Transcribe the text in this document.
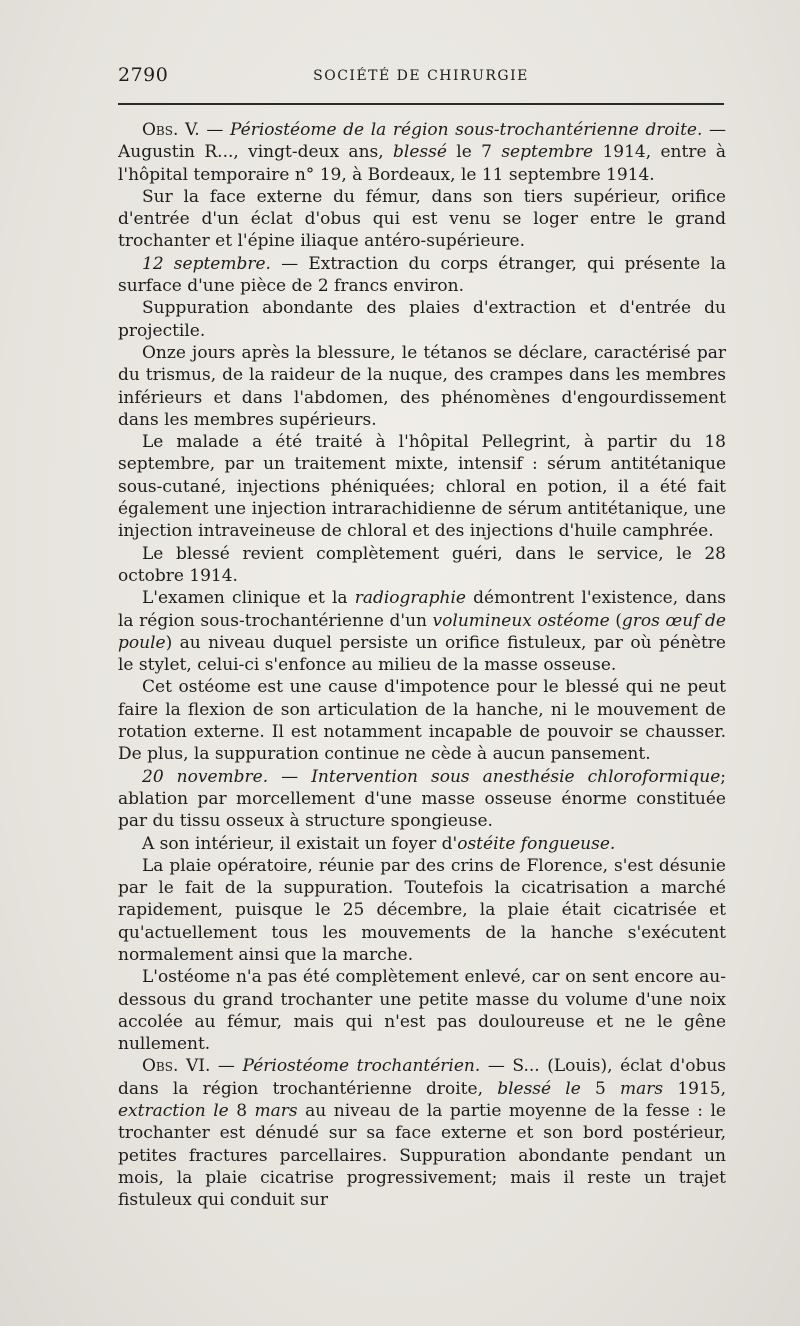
2790	SOCIÉTÉ DE CHIRURGIE

Obs. V. — Périostéome de la région sous-trochantérienne droite. — Augustin R..., vingt-deux ans, blessé le 7 septembre 1914, entre à l'hôpital temporaire n° 19, à Bordeaux, le 11 septembre 1914.

Sur la face externe du fémur, dans son tiers supérieur, orifice d'entrée d'un éclat d'obus qui est venu se loger entre le grand trochanter et l'épine iliaque antéro-supérieure.

12 septembre. — Extraction du corps étranger, qui présente la surface d'une pièce de 2 francs environ.

Suppuration abondante des plaies d'extraction et d'entrée du projectile.

Onze jours après la blessure, le tétanos se déclare, caractérisé par du trismus, de la raideur de la nuque, des crampes dans les membres inférieurs et dans l'abdomen, des phénomènes d'engourdissement dans les membres supérieurs.

Le malade a été traité à l'hôpital Pellegrint, à partir du 18 septembre, par un traitement mixte, intensif : sérum antitétanique sous-cutané, injections phéniquées; chloral en potion, il a été fait également une injection intrarachidienne de sérum antitétanique, une injection intraveineuse de chloral et des injections d'huile camphrée.

Le blessé revient complètement guéri, dans le service, le 28 octobre 1914.

L'examen clinique et la radiographie démontrent l'existence, dans la région sous-trochantérienne d'un volumineux ostéome (gros œuf de poule) au niveau duquel persiste un orifice fistuleux, par où pénètre le stylet, celui-ci s'enfonce au milieu de la masse osseuse.

Cet ostéome est une cause d'impotence pour le blessé qui ne peut faire la flexion de son articulation de la hanche, ni le mouvement de rotation externe. Il est notamment incapable de pouvoir se chausser. De plus, la suppuration continue ne cède à aucun pansement.

20 novembre. — Intervention sous anesthésie chloroformique; ablation par morcellement d'une masse osseuse énorme constituée par du tissu osseux à structure spongieuse.

A son intérieur, il existait un foyer d'ostéite fongueuse.

La plaie opératoire, réunie par des crins de Florence, s'est désunie par le fait de la suppuration. Toutefois la cicatrisation a marché rapidement, puisque le 25 décembre, la plaie était cicatrisée et qu'actuellement tous les mouvements de la hanche s'exécutent normalement ainsi que la marche.

L'ostéome n'a pas été complètement enlevé, car on sent encore au-dessous du grand trochanter une petite masse du volume d'une noix accolée au fémur, mais qui n'est pas douloureuse et ne le gêne nullement.

Obs. VI. — Périostéome trochantérien. — S... (Louis), éclat d'obus dans la région trochantérienne droite, blessé le 5 mars 1915, extraction le 8 mars au niveau de la partie moyenne de la fesse : le trochanter est dénudé sur sa face externe et son bord postérieur, petites fractures parcellaires. Suppuration abondante pendant un mois, la plaie cicatrise progressivement; mais il reste un trajet fistuleux qui conduit sur
